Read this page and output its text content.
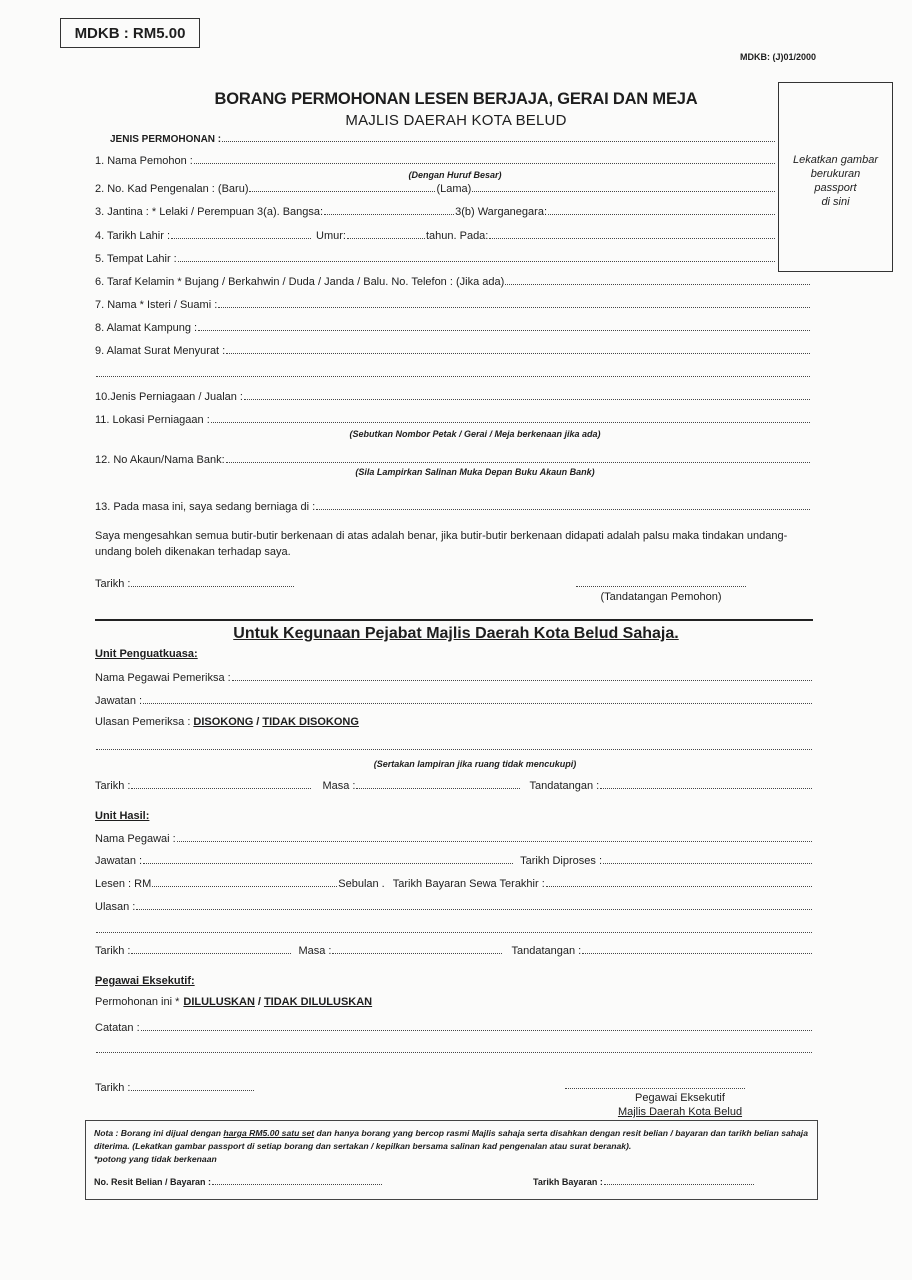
MDKB : RM5.00
MDKB: (J)01/2000
BORANG PERMOHONAN LESEN BERJAJA, GERAI DAN MEJA
MAJLIS DAERAH KOTA BELUD
Lekatkan gambar
berukuran
passport
di sini
JENIS PERMOHONAN :
1. Nama Pemohon :
(Dengan Huruf Besar)
2. No. Kad Pengenalan : (Baru)	(Lama)
3. Jantina : * Lelaki / Perempuan 3(a). Bangsa:	3(b) Warganegara:
4. Tarikh Lahir :	Umur:	tahun. Pada:
5. Tempat Lahir :
6. Taraf Kelamin * Bujang / Berkahwin / Duda / Janda / Balu. No. Telefon : (Jika ada)
7. Nama * Isteri / Suami :
8. Alamat Kampung :
9. Alamat Surat Menyurat :
10.Jenis Perniagaan / Jualan :
11. Lokasi Perniagaan :
(Sebutkan Nombor Petak / Gerai / Meja berkenaan jika ada)
12. No Akaun/Nama Bank:
(Sila Lampirkan Salinan Muka Depan Buku Akaun Bank)
13. Pada masa ini, saya sedang berniaga di :
Saya mengesahkan semua butir-butir berkenaan di atas adalah benar, jika butir-butir berkenaan didapati adalah palsu maka tindakan undang-undang boleh dikenakan terhadap saya.
Tarikh :
(Tandatangan Pemohon)
Untuk Kegunaan Pejabat Majlis Daerah Kota Belud Sahaja.
Unit Penguatkuasa:
Nama Pegawai Pemeriksa :
Jawatan :
Ulasan Pemeriksa : DISOKONG / TIDAK DISOKONG
(Sertakan lampiran jika ruang tidak mencukupi)
Tarikh :	Masa :	Tandatangan :
Unit Hasil:
Nama Pegawai :
Jawatan :	Tarikh Diproses :
Lesen : RM	Sebulan . Tarikh Bayaran Sewa Terakhir :
Ulasan :
Tarikh :	Masa :	Tandatangan :
Pegawai Eksekutif:
Permohonan ini * DILULUSKAN / TIDAK DILULUSKAN
Catatan :
Tarikh :
Pegawai Eksekutif
Majlis Daerah Kota Belud
Nota : Borang ini dijual dengan harga RM5.00 satu set dan hanya borang yang bercop rasmi Majlis sahaja serta disahkan dengan resit belian / bayaran dan tarikh belian sahaja diterima. (Lekatkan gambar passport di setiap borang dan sertakan / kepilkan bersama salinan kad pengenalan atau surat beranak).
*potong yang tidak berkenaan
No. Resit Belian / Bayaran :	Tarikh Bayaran :
